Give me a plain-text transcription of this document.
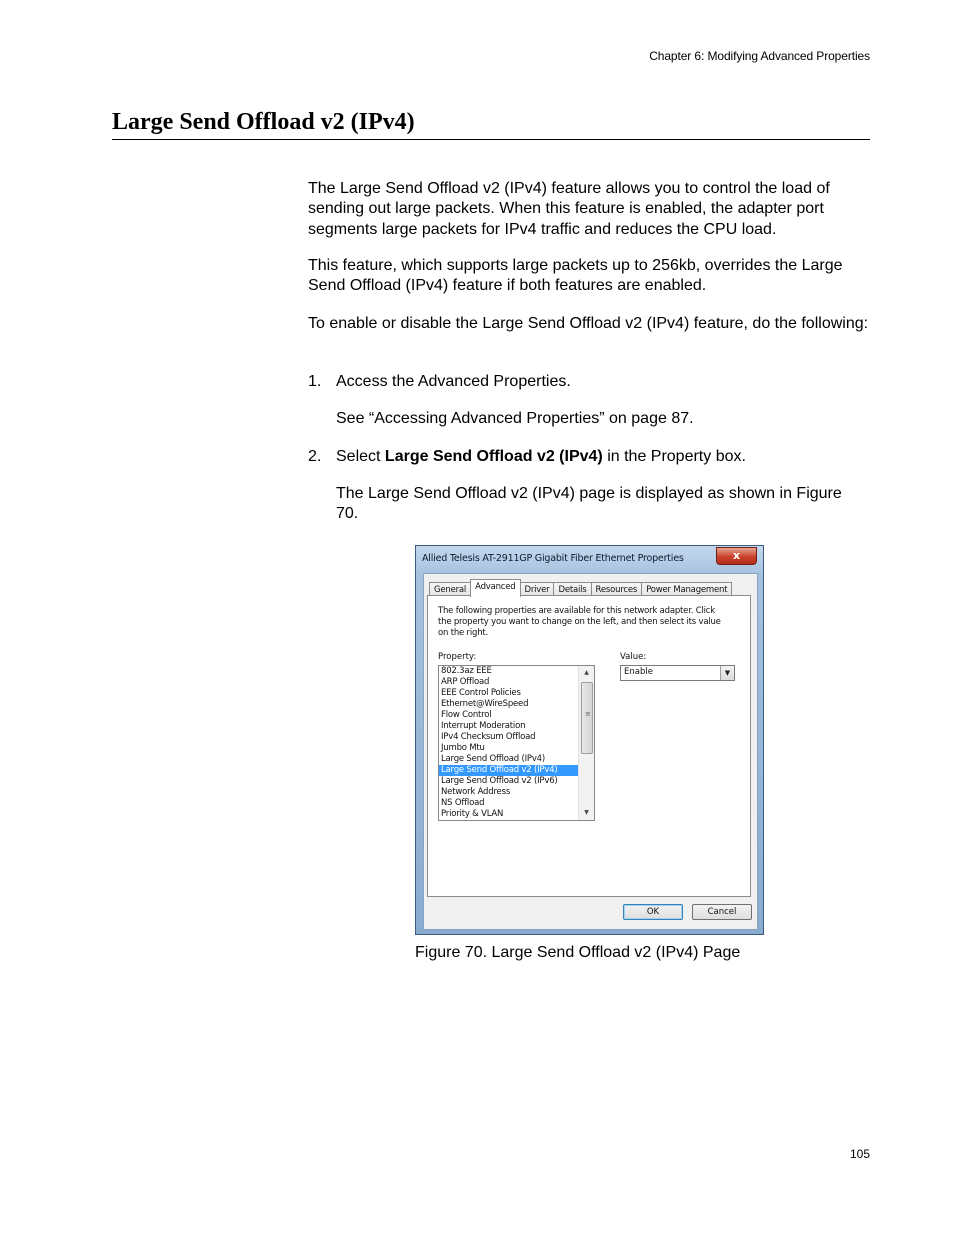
Chapter 6: Modifying Advanced Properties
Large Send Offload v2 (IPv4)

The Large Send Offload v2 (IPv4) feature allows you to control the load of sending out large packets. When this feature is enabled, the adapter port segments large packets for IPv4 traffic and reduces the CPU load.

This feature, which supports large packets up to 256kb, overrides the Large Send Offload (IPv4) feature if both features are enabled.

To enable or disable the Large Send Offload v2 (IPv4) feature, do the following:

1. Access the Advanced Properties.
See “Accessing Advanced Properties” on page 87.
2. Select Large Send Offload v2 (IPv4) in the Property box.
The Large Send Offload v2 (IPv4) page is displayed as shown in Figure 70.
Allied Telesis AT-2911GP Gigabit Fiber Ethernet Properties	x
General	Advanced	Driver	Details	Resources	Power Management
The following properties are available for this network adapter. Click the property you want to change on the left, and then select its value on the right.
Property:	Value:
802.3az EEE
ARP Offload
EEE Control Policies
Ethernet@WireSpeed
Flow Control
Interrupt Moderation
IPv4 Checksum Offload
Jumbo Mtu
Large Send Offload (IPv4)
Large Send Offload v2 (IPv4)
Large Send Offload v2 (IPv6)
Network Address
NS Offload
Priority & VLAN
▲
≡
▼
Enable	▼
OK	Cancel
Figure 70. Large Send Offload v2 (IPv4) Page
105
